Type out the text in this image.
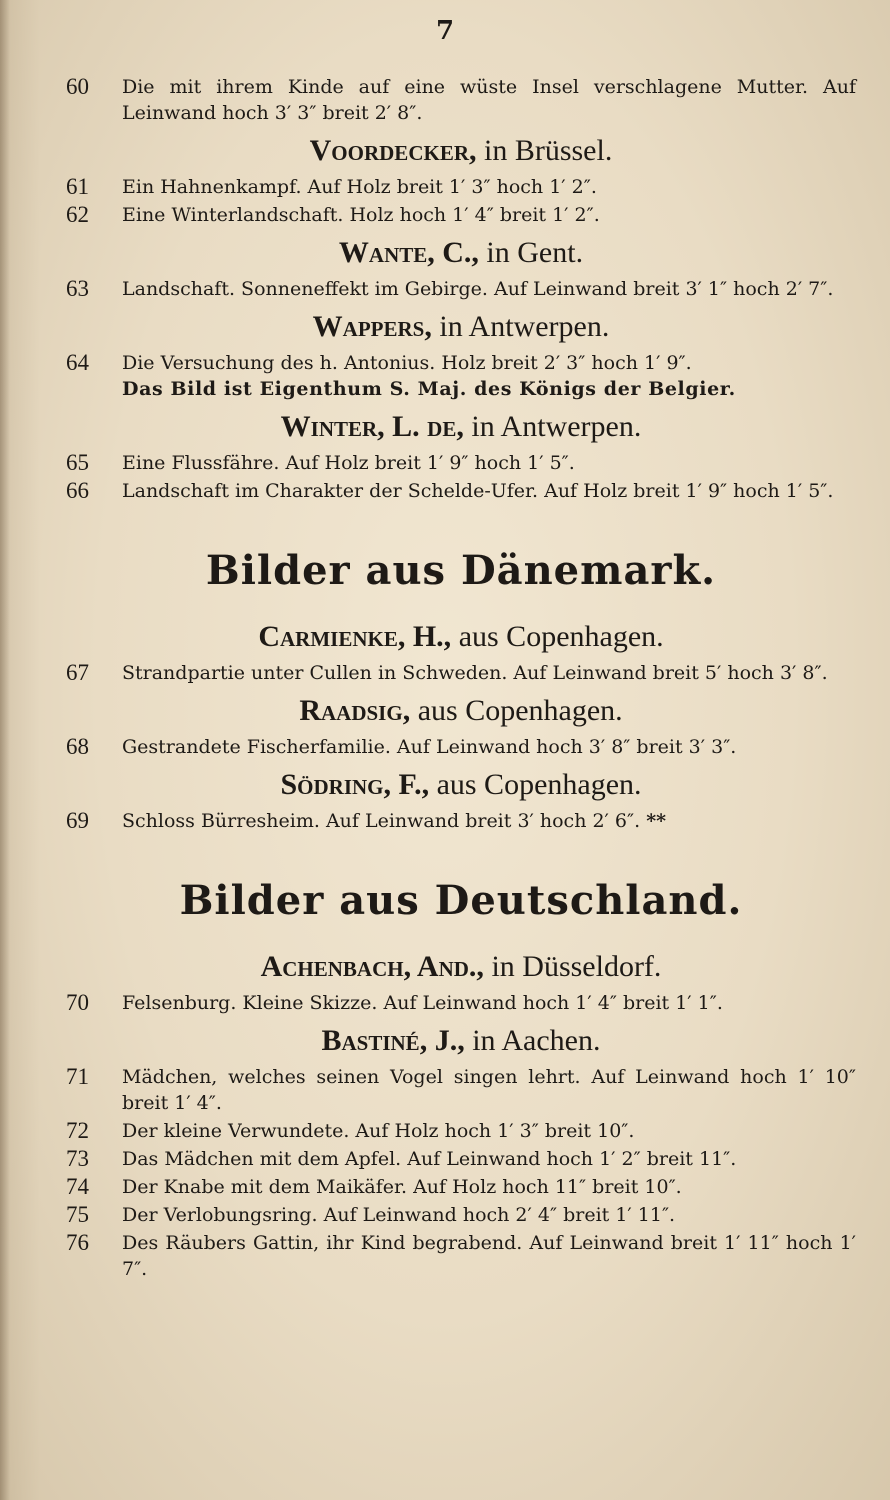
7
60	Die mit ihrem Kinde auf eine wüste Insel verschlagene Mutter. Auf Leinwand hoch 3′ 3″ breit 2′ 8″.
Voordecker, in Brüssel.
61	Ein Hahnenkampf. Auf Holz breit 1′ 3″ hoch 1′ 2″.
62	Eine Winterlandschaft. Holz hoch 1′ 4″ breit 1′ 2″.
Wante, C., in Gent.
63	Landschaft. Sonneneffekt im Gebirge. Auf Leinwand breit 3′ 1″ hoch 2′ 7″.
Wappers, in Antwerpen.
64	Die Versuchung des h. Antonius. Holz breit 2′ 3″ hoch 1′ 9″.
Das Bild ist Eigenthum S. Maj. des Königs der Belgier.
Winter, L. de, in Antwerpen.
65	Eine Flussfähre. Auf Holz breit 1′ 9″ hoch 1′ 5″.
66	Landschaft im Charakter der Schelde-Ufer. Auf Holz breit 1′ 9″ hoch 1′ 5″.
Bilder aus Dänemark.
Carmienke, H., aus Copenhagen.
67	Strandpartie unter Cullen in Schweden. Auf Leinwand breit 5′ hoch 3′ 8″.
Raadsig, aus Copenhagen.
68	Gestrandete Fischerfamilie. Auf Leinwand hoch 3′ 8″ breit 3′ 3″.
Södring, F., aus Copenhagen.
69	Schloss Bürresheim. Auf Leinwand breit 3′ hoch 2′ 6″. **
Bilder aus Deutschland.
Achenbach, And., in Düsseldorf.
70	Felsenburg. Kleine Skizze. Auf Leinwand hoch 1′ 4″ breit 1′ 1″.
Bastiné, J., in Aachen.
71	Mädchen, welches seinen Vogel singen lehrt. Auf Leinwand hoch 1′ 10″ breit 1′ 4″.
72	Der kleine Verwundete. Auf Holz hoch 1′ 3″ breit 10″.
73	Das Mädchen mit dem Apfel. Auf Leinwand hoch 1′ 2″ breit 11″.
74	Der Knabe mit dem Maikäfer. Auf Holz hoch 11″ breit 10″.
75	Der Verlobungsring. Auf Leinwand hoch 2′ 4″ breit 1′ 11″.
76	Des Räubers Gattin, ihr Kind begrabend. Auf Leinwand breit 1′ 11″ hoch 1′ 7″.
